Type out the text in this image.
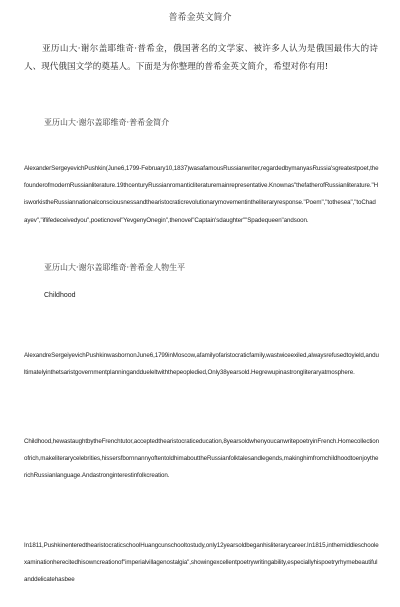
普希金英文简介
亚历山大·谢尔盖耶维奇·普希金，俄国著名的文学家、被许多人认为是俄国最伟大的诗人、现代俄国文学的奠基人。下面是为你整理的普希金英文简介，希望对你有用!
亚历山大·谢尔盖耶维奇·普希金简介
AlexanderSergeyevichPushkin(June6,1799-February10,1837)wasafamousRussianwriter,regardedbymanyasRussia'sgreatestpoet,thefounderofmodernRussianliterature.19thcenturyRussianromanticliteraturemainrepresentative.Knownas"thefatherofRussianliterature."HisworkistheRussiannationalconsciousnessandthearistocraticrevolutionarymovementintheliteraryresponse."Poem","tothesea","toChadayev","iflifedeceivedyou",poeticnovel"YevgenyOnegin",thenovel"Captain'sdaughter""Spadequeen"andsoon.
亚历山大·谢尔盖耶维奇·普希金人物生平
Childhood
AlexandreSergeiyevichPushkinwasbornonJune6,1799inMoscow,afamilyofaristocraticfamily,wastwiceexiled,alwaysrefusedtoyield,andultimatelyinthetsaristgovernmentplanninganddueleltwiththepeopledied,Only38yearsold.Hegrewupinastrongliteraryatmosphere.
Childhood,hewastaughtbytheFrenchtutor,acceptedthearistocraticeducation,8yearsoldwhenyoucanwritepoetryinFrench.Homecollectionofrich,makeliterarycelebrities,hissersfbornnannyoftentoldhimabouttheRussianfolktalesandlegends,makinghimfromchildhoodtoenjoytherichRussianlanguage.Andastronginterestinfolkcreation.
In1811,PushkinenteredthearistocraticschoolHuangcunschooltostudy,only12yearsoldbeganhisliterarycareer.In1815,inthemiddleschoolexaminationherecitedhisowncreationof"imperialvillagenostalgia",showingexcellentpoetrywritingability,especiallyhispoetryrhymebeautifulanddelicatehasbee
